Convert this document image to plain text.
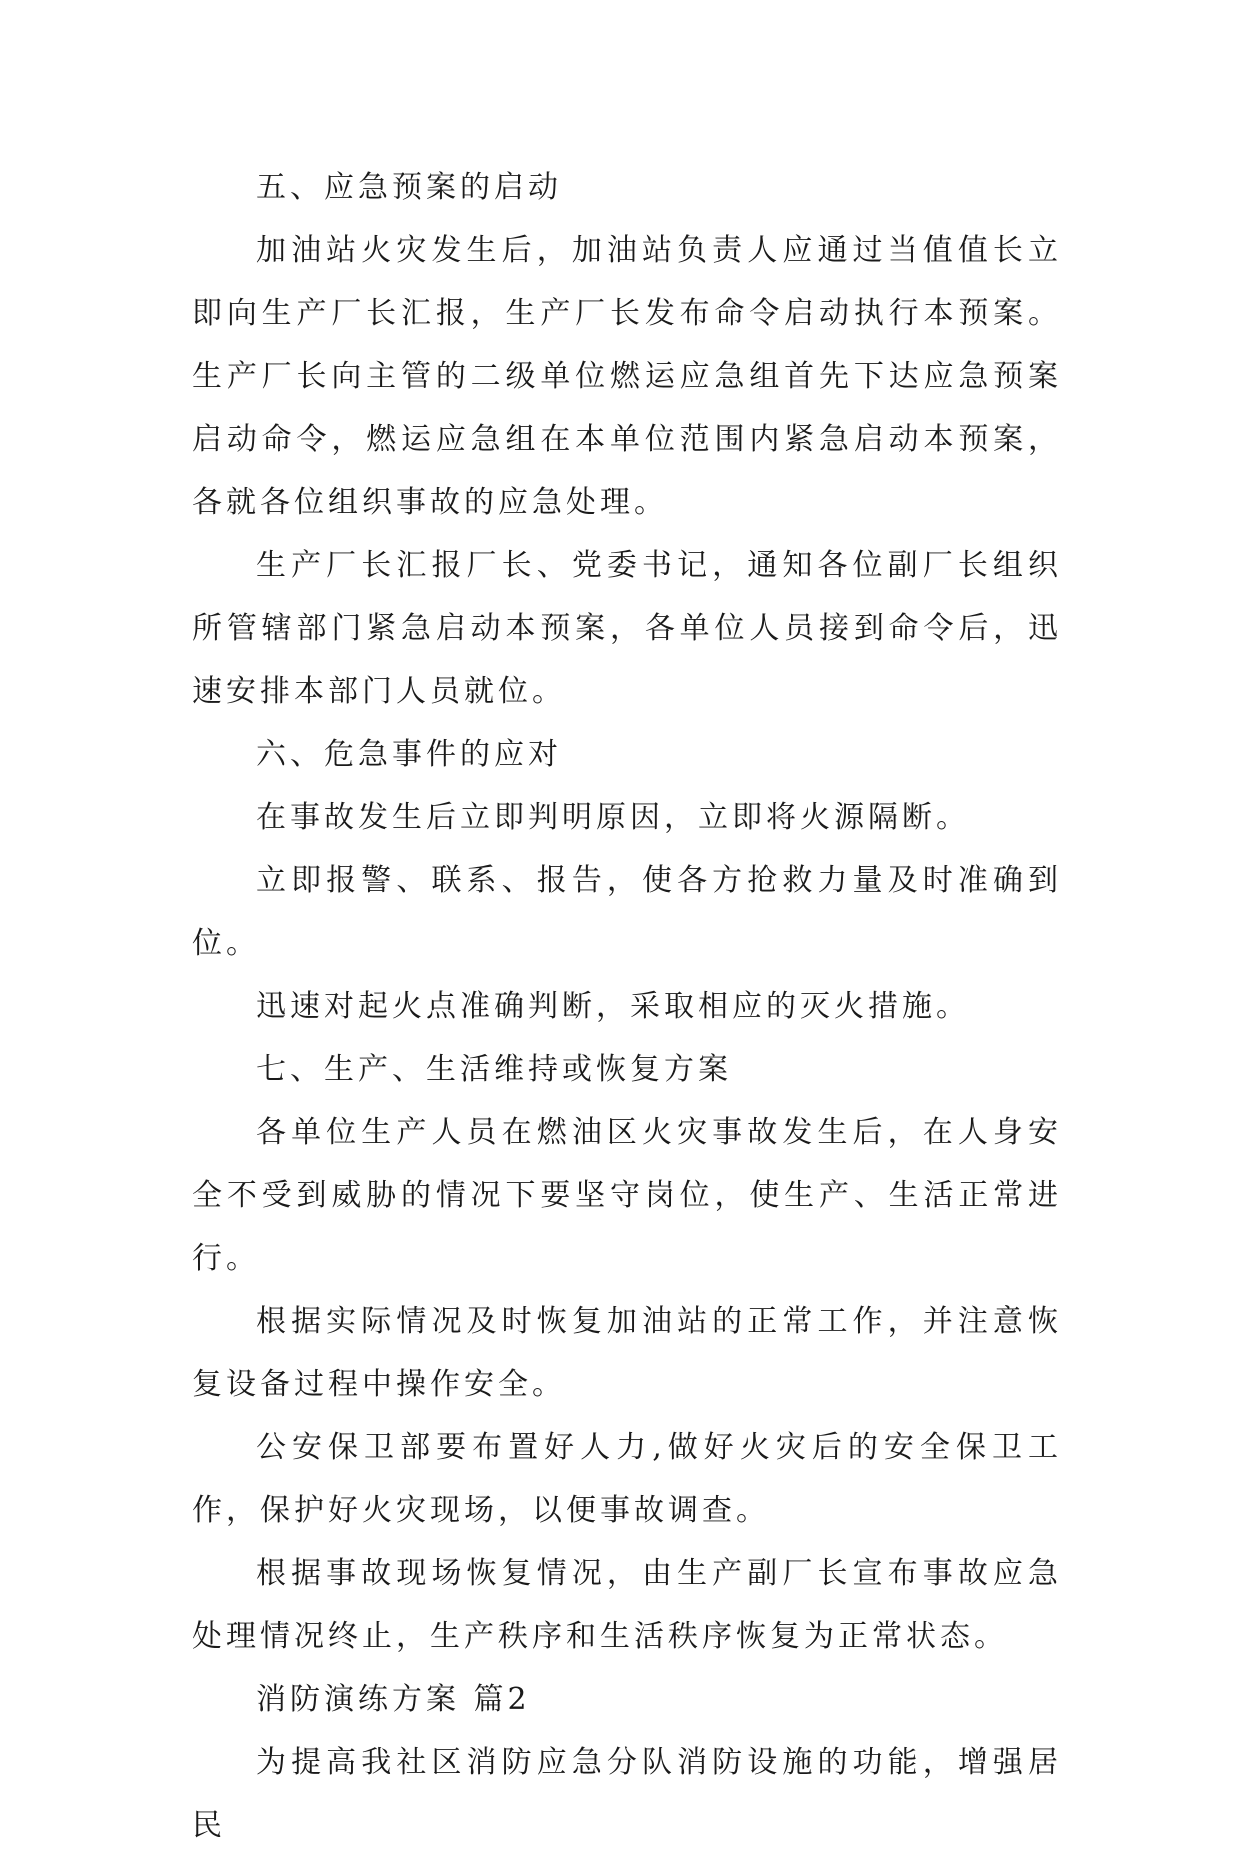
五、应急预案的启动

加油站火灾发生后，加油站负责人应通过当值值长立即向生产厂长汇报，生产厂长发布命令启动执行本预案。生产厂长向主管的二级单位燃运应急组首先下达应急预案启动命令，燃运应急组在本单位范围内紧急启动本预案，各就各位组织事故的应急处理。

生产厂长汇报厂长、党委书记，通知各位副厂长组织所管辖部门紧急启动本预案，各单位人员接到命令后，迅速安排本部门人员就位。

六、危急事件的应对

在事故发生后立即判明原因，立即将火源隔断。

立即报警、联系、报告，使各方抢救力量及时准确到位。

迅速对起火点准确判断，采取相应的灭火措施。

七、生产、生活维持或恢复方案

各单位生产人员在燃油区火灾事故发生后，在人身安全不受到威胁的情况下要坚守岗位，使生产、生活正常进行。

根据实际情况及时恢复加油站的正常工作，并注意恢复设备过程中操作安全。

公安保卫部要布置好人力,做好火灾后的安全保卫工作，保护好火灾现场，以便事故调查。

根据事故现场恢复情况，由生产副厂长宣布事故应急处理情况终止，生产秩序和生活秩序恢复为正常状态。

消防演练方案 篇2

为提高我社区消防应急分队消防设施的功能，增强居民
